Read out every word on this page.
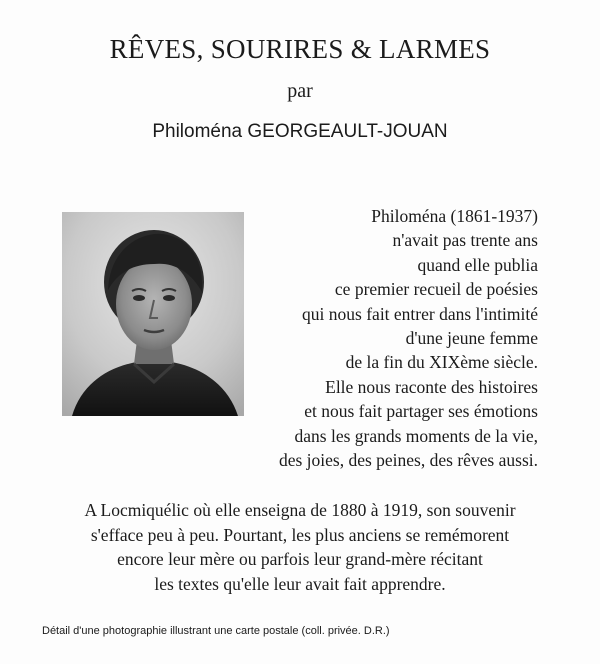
RÊVES, SOURIRES & LARMES
par
Philoména GEORGEAULT-JOUAN
Philoména (1861-1937)
n'avait pas trente ans
quand elle publia
ce premier recueil de poésies
qui nous fait entrer dans l'intimité
d'une jeune femme
de la fin du XIXème siècle.
Elle nous raconte des histoires
et nous fait partager ses émotions
dans les grands moments de la vie,
des joies, des peines, des rêves aussi.
A Locmiquélic où elle enseigna de 1880 à 1919, son souvenir
s'efface peu à peu. Pourtant, les plus anciens se remémorent
encore leur mère ou parfois leur grand-mère récitant
les textes qu'elle leur avait fait apprendre.
Détail d'une photographie illustrant une carte postale (coll. privée. D.R.)
